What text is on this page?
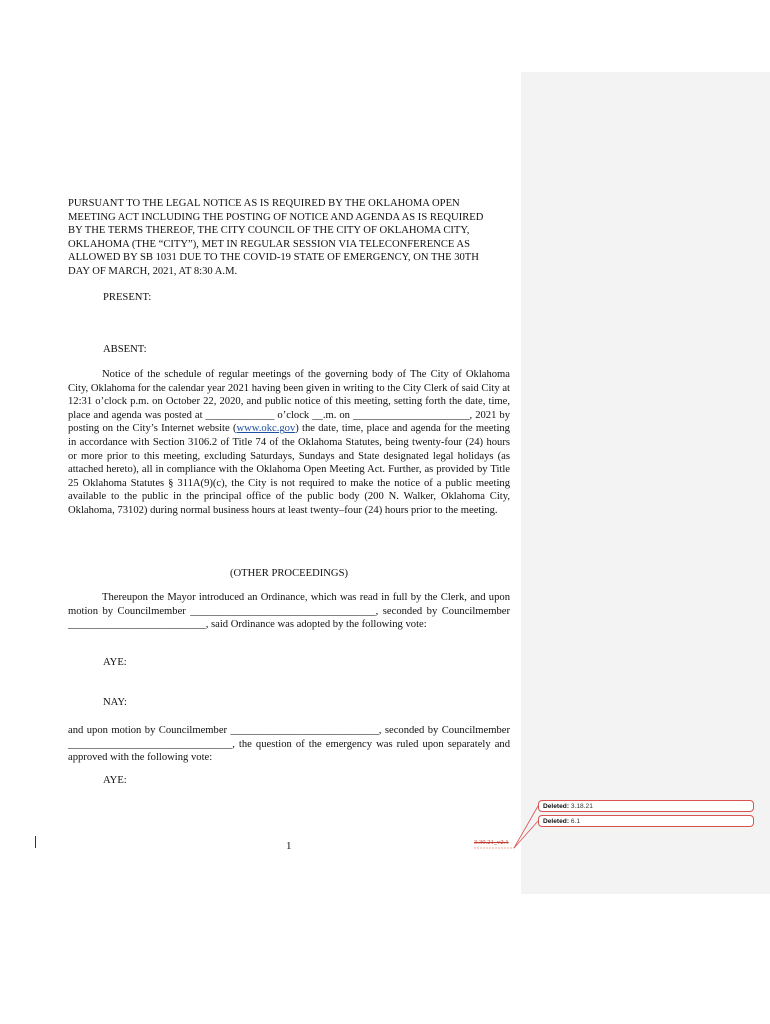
PURSUANT TO THE LEGAL NOTICE AS IS REQUIRED BY THE OKLAHOMA OPEN

MEETING ACT INCLUDING THE POSTING OF NOTICE AND AGENDA AS IS REQUIRED

BY THE TERMS THEREOF, THE CITY COUNCIL OF THE CITY OF OKLAHOMA CITY,

OKLAHOMA (THE “CITY”), MET IN REGULAR SESSION VIA TELECONFERENCE AS

ALLOWED BY SB 1031 DUE TO THE COVID-19 STATE OF EMERGENCY, ON THE 30TH

DAY OF MARCH, 2021, AT 8:30 A.M.

PRESENT:
ABSENT:
Notice of the schedule of regular meetings of the governing body of The City of Oklahoma City, Oklahoma for the calendar year 2021 having been given in writing to the City Clerk of said City at 12:31 o’clock p.m. on October 22, 2020, and public notice of this meeting, setting forth the date, time, place and agenda was posted at _____________ o’clock __.m. on ______________________, 2021 by posting on the City’s Internet website (www.okc.gov) the date, time, place and agenda for the meeting in accordance with Section 3106.2 of Title 74 of the Oklahoma Statutes, being twenty-four (24) hours or more prior to this meeting, excluding Saturdays, Sundays and State designated legal holidays (as attached hereto), all in compliance with the Oklahoma Open Meeting Act. Further, as provided by Title 25 Oklahoma Statutes § 311A(9)(c), the City is not required to make the notice of a public meeting available to the public in the principal office of the public body (200 N. Walker, Oklahoma City, Oklahoma, 73102) during normal business hours at least twenty–four (24) hours prior to the meeting.
(OTHER PROCEEDINGS)
Thereupon the Mayor introduced an Ordinance, which was read in full by the Clerk, and upon motion by Councilmember ___________________________________, seconded by Councilmember __________________________, said Ordinance was adopted by the following vote:
AYE:
NAY:
and upon motion by Councilmember ____________________________, seconded by Councilmember _______________________________, the question of the emergency was ruled upon separately and approved with the following vote:
AYE:
1	3.30.21_v2.1
Deleted: 3.18.21
Deleted: 6.1
